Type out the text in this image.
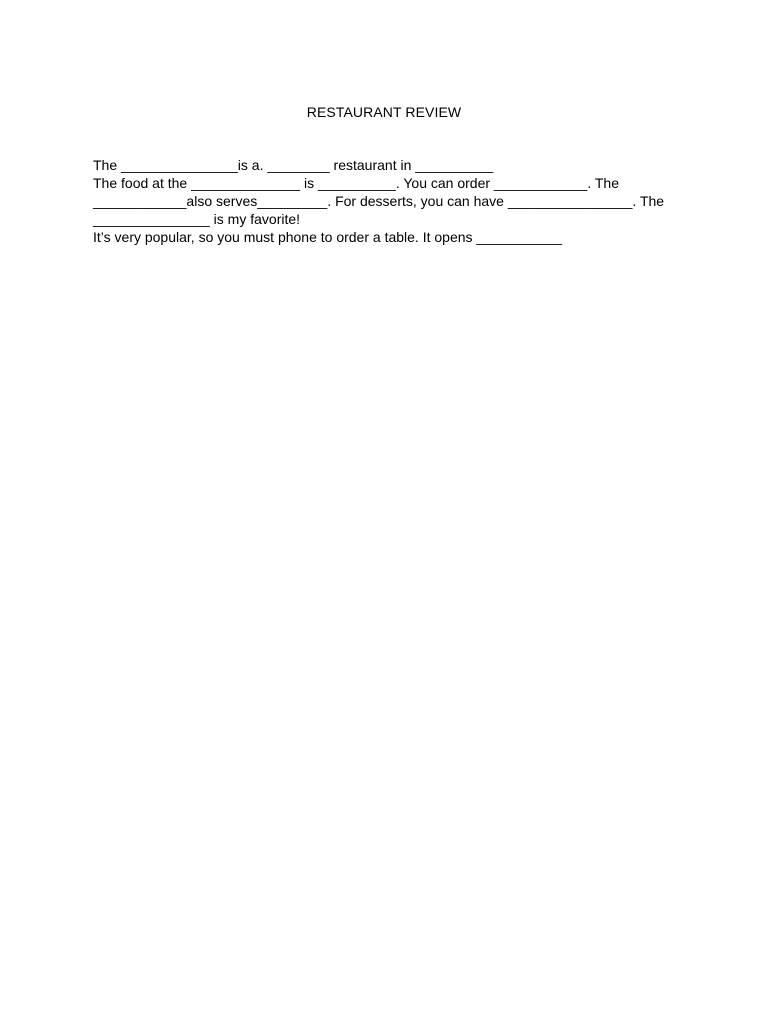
RESTAURANT REVIEW
The _______________is a. ________ restaurant in __________
The food at the ______________ is __________. You can order ____________. The
____________also serves_________. For desserts, you can have ________________. The
_______________ is my favorite!
It’s very popular, so you must phone to order a table. It opens ___________
